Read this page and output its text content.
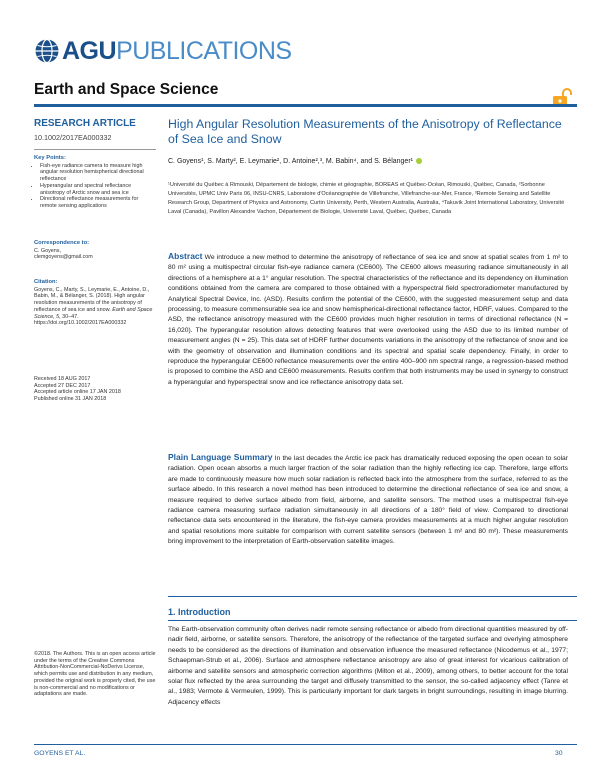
AGU PUBLICATIONS
Earth and Space Science
RESEARCH ARTICLE
10.1002/2017EA000332
Key Points:
• Fish-eye radiance camera to measure high angular resolution hemispherical directional reflectance
• Hyperangular and spectral reflectance anisotropy of Arctic snow and sea ice
• Directional reflectance measurements for remote sensing applications
Correspondence to:
C. Goyens,
clemgoyens@gmail.com
Citation:
Goyens, C., Marty, S., Leymarie, E., Antoine, D., Babin, M., & Bélanger, S. (2018). High angular resolution measurements of the anisotropy of reflectance of sea ice and snow. Earth and Space Science, 5, 30–47.
https://doi.org/10.1002/2017EA000332
Received 18 AUG 2017
Accepted 27 DEC 2017
Accepted article online 17 JAN 2018
Published online 31 JAN 2018
©2018. The Authors. This is an open access article under the terms of the Creative Commons Attribution-NonCommercial-NoDerivs License, which permits use and distribution in any medium, provided the original work is properly cited, the use is non-commercial and no modifications or adaptations are made.
High Angular Resolution Measurements of the Anisotropy of Reflectance of Sea Ice and Snow
C. Goyens¹, S. Marty², E. Leymarie², D. Antoine²,³, M. Babin⁴, and S. Bélanger¹
¹Université du Québec à Rimouski, Département de biologie, chimie et géographie, BOREAS et Québec-Océan, Rimouski, Québec, Canada, ²Sorbonne Universités, UPMC Univ Paris 06, INSU-CNRS, Laboratoire d'Océanographie de Villefranche, Villefranche-sur-Mer, France, ³Remote Sensing and Satellite Research Group, Department of Physics and Astronomy, Curtin University, Perth, Western Australia, Australia, ⁴Takuvik Joint International Laboratory, Université Laval (Canada), Pavillon Alexandre Vachon, Département de Biologie, Université Laval, Québec, Québec, Canada
Abstract We introduce a new method to determine the anisotropy of reflectance of sea ice and snow at spatial scales from 1 m² to 80 m² using a multispectral circular fish-eye radiance camera (CE600). The CE600 allows measuring radiance simultaneously in all directions of a hemisphere at a 1° angular resolution. The spectral characteristics of the reflectance and its dependency on illumination conditions obtained from the camera are compared to those obtained with a hyperspectral field spectroradiometer manufactured by Analytical Spectral Device, Inc. (ASD). Results confirm the potential of the CE600, with the suggested measurement setup and data processing, to measure commensurable sea ice and snow hemispherical-directional reflectance factor, HDRF, values. Compared to the ASD, the reflectance anisotropy measured with the CE600 provides much higher resolution in terms of directional reflectance (N = 16,020). The hyperangular resolution allows detecting features that were overlooked using the ASD due to its limited number of measurement angles (N = 25). This data set of HDRF further documents variations in the anisotropy of the reflectance of snow and ice with the geometry of observation and illumination conditions and its spectral and spatial scale dependency. Finally, in order to reproduce the hyperangular CE600 reflectance measurements over the entire 400–900 nm spectral range, a regression-based method is proposed to combine the ASD and CE600 measurements. Results confirm that both instruments may be used in synergy to construct a hyperangular and hyperspectral snow and ice reflectance anisotropy data set.
Plain Language Summary In the last decades the Arctic ice pack has dramatically reduced exposing the open ocean to solar radiation. Open ocean absorbs a much larger fraction of the solar radiation than the highly reflecting ice cap. Therefore, large efforts are made to continuously measure how much solar radiation is reflected back into the atmosphere from the surface, referred to as the surface albedo. In this research a novel method has been introduced to determine the directional reflectance of sea ice and snow, a measure required to derive surface albedo from field, airborne, and satellite sensors. The method uses a multispectral fish-eye radiance camera measuring surface radiation simultaneously in all directions of a 180° field of view. Compared to directional reflectance data sets encountered in the literature, the fish-eye camera provides measurements at a much higher angular resolution and spatial resolutions more suitable for comparison with current satellite sensors (between 1 m² and 80 m²). These measurements bring improvement to the interpretation of Earth-observation satellite images.
1. Introduction
The Earth-observation community often derives nadir remote sensing reflectance or albedo from directional quantities measured by off-nadir field, airborne, or satellite sensors. Therefore, the anisotropy of the reflectance of the targeted surface and overlying atmosphere needs to be considered as the directions of illumination and observation influence the measured reflectance (Nicodemus et al., 1977; Schaepman-Strub et al., 2006). Surface and atmosphere reflectance anisotropy are also of great interest for vicarious calibration of airborne and satellite sensors and atmospheric correction algorithms (Milton et al., 2009), among others, to better account for the total solar flux reflected by the area surrounding the target and diffusely transmitted to the sensor, the so-called adjacency effect (Tanre et al., 1983; Vermote & Vermeulen, 1999). This is particularly important for dark targets in bright surroundings, resulting in image blurring. Adjacency effects
GOYENS ET AL.	30
